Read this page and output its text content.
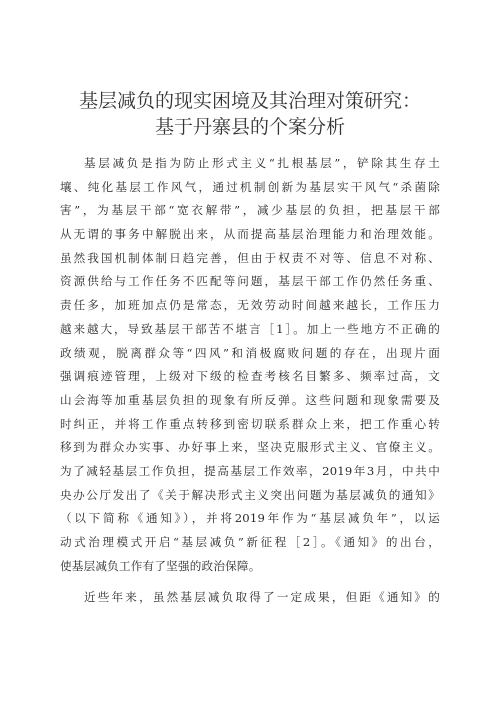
基层减负的现实困境及其治理对策研究：
基于丹寨县的个案分析
基层减负是指为防止形式主义“扎根基层”，铲除其生存土
壤、纯化基层工作风气，通过机制创新为基层实干风气“杀菌除
害”，为基层干部“宽衣解带”，减少基层的负担，把基层干部
从无谓的事务中解脱出来，从而提高基层治理能力和治理效能。
虽然我国机制体制日趋完善，但由于权责不对等、信息不对称、
资源供给与工作任务不匹配等问题，基层干部工作仍然任务重、
责任多，加班加点仍是常态，无效劳动时间越来越长，工作压力
越来越大，导致基层干部苦不堪言［1］。加上一些地方不正确的
政绩观，脱离群众等“四风”和消极腐败问题的存在，出现片面
强调痕迹管理，上级对下级的检查考核名目繁多、频率过高，文
山会海等加重基层负担的现象有所反弹。这些问题和现象需要及
时纠正，并将工作重点转移到密切联系群众上来，把工作重心转
移到为群众办实事、办好事上来，坚决克服形式主义、官僚主义。
为了减轻基层工作负担，提高基层工作效率，2019年3月，中共中
央办公厅发出了《关于解决形式主义突出问题为基层减负的通知》
（以下简称《通知》），并将2019年作为“基层减负年”，以运
动式治理模式开启“基层减负”新征程［2］。《通知》的出台，
使基层减负工作有了坚强的政治保障。
近些年来，虽然基层减负取得了一定成果，但距《通知》的
